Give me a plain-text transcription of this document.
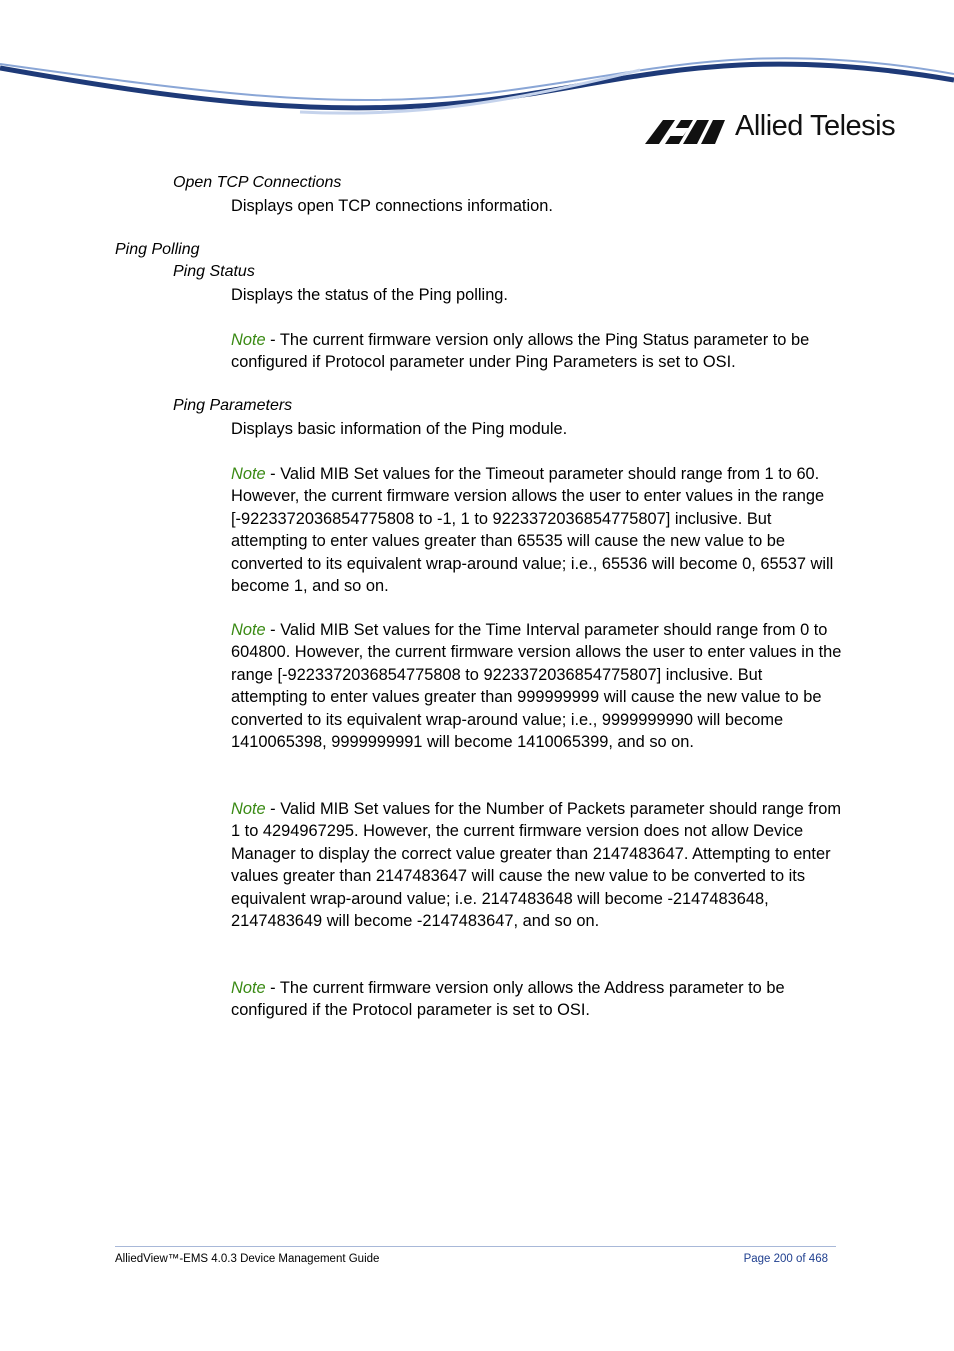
Allied Telesis
Open TCP Connections
Displays open TCP connections information.
Ping Polling
Ping Status
Displays the status of the Ping polling.
Note - The current firmware version only allows the Ping Status parameter to be configured if Protocol parameter under Ping Parameters is set to OSI.
Ping Parameters
Displays basic information of the Ping module.
Note - Valid MIB Set values for the Timeout parameter should range from 1 to 60. However, the current firmware version allows the user to enter values in the range [-9223372036854775808 to -1, 1 to 9223372036854775807] inclusive. But attempting to enter values greater than 65535 will cause the new value to be converted to its equivalent wrap-around value; i.e., 65536 will become 0, 65537 will become 1, and so on.
Note - Valid MIB Set values for the Time Interval parameter should range from 0 to 604800. However, the current firmware version allows the user to enter values in the range [-9223372036854775808 to 9223372036854775807] inclusive. But attempting to enter values greater than 999999999 will cause the new value to be converted to its equivalent wrap-around value; i.e., 9999999990 will become 1410065398, 9999999991 will become 1410065399, and so on.
Note - Valid MIB Set values for the Number of Packets parameter should range from 1 to 4294967295. However, the current firmware version does not allow Device Manager to display the correct value greater than 2147483647. Attempting to enter values greater than 2147483647 will cause the new value to be converted to its equivalent wrap-around value; i.e. 2147483648 will become -2147483648, 2147483649 will become -2147483647, and so on.
Note - The current firmware version only allows the Address parameter to be configured if the Protocol parameter is set to OSI.
AlliedView™-EMS 4.0.3 Device Management Guide	Page 200 of 468
